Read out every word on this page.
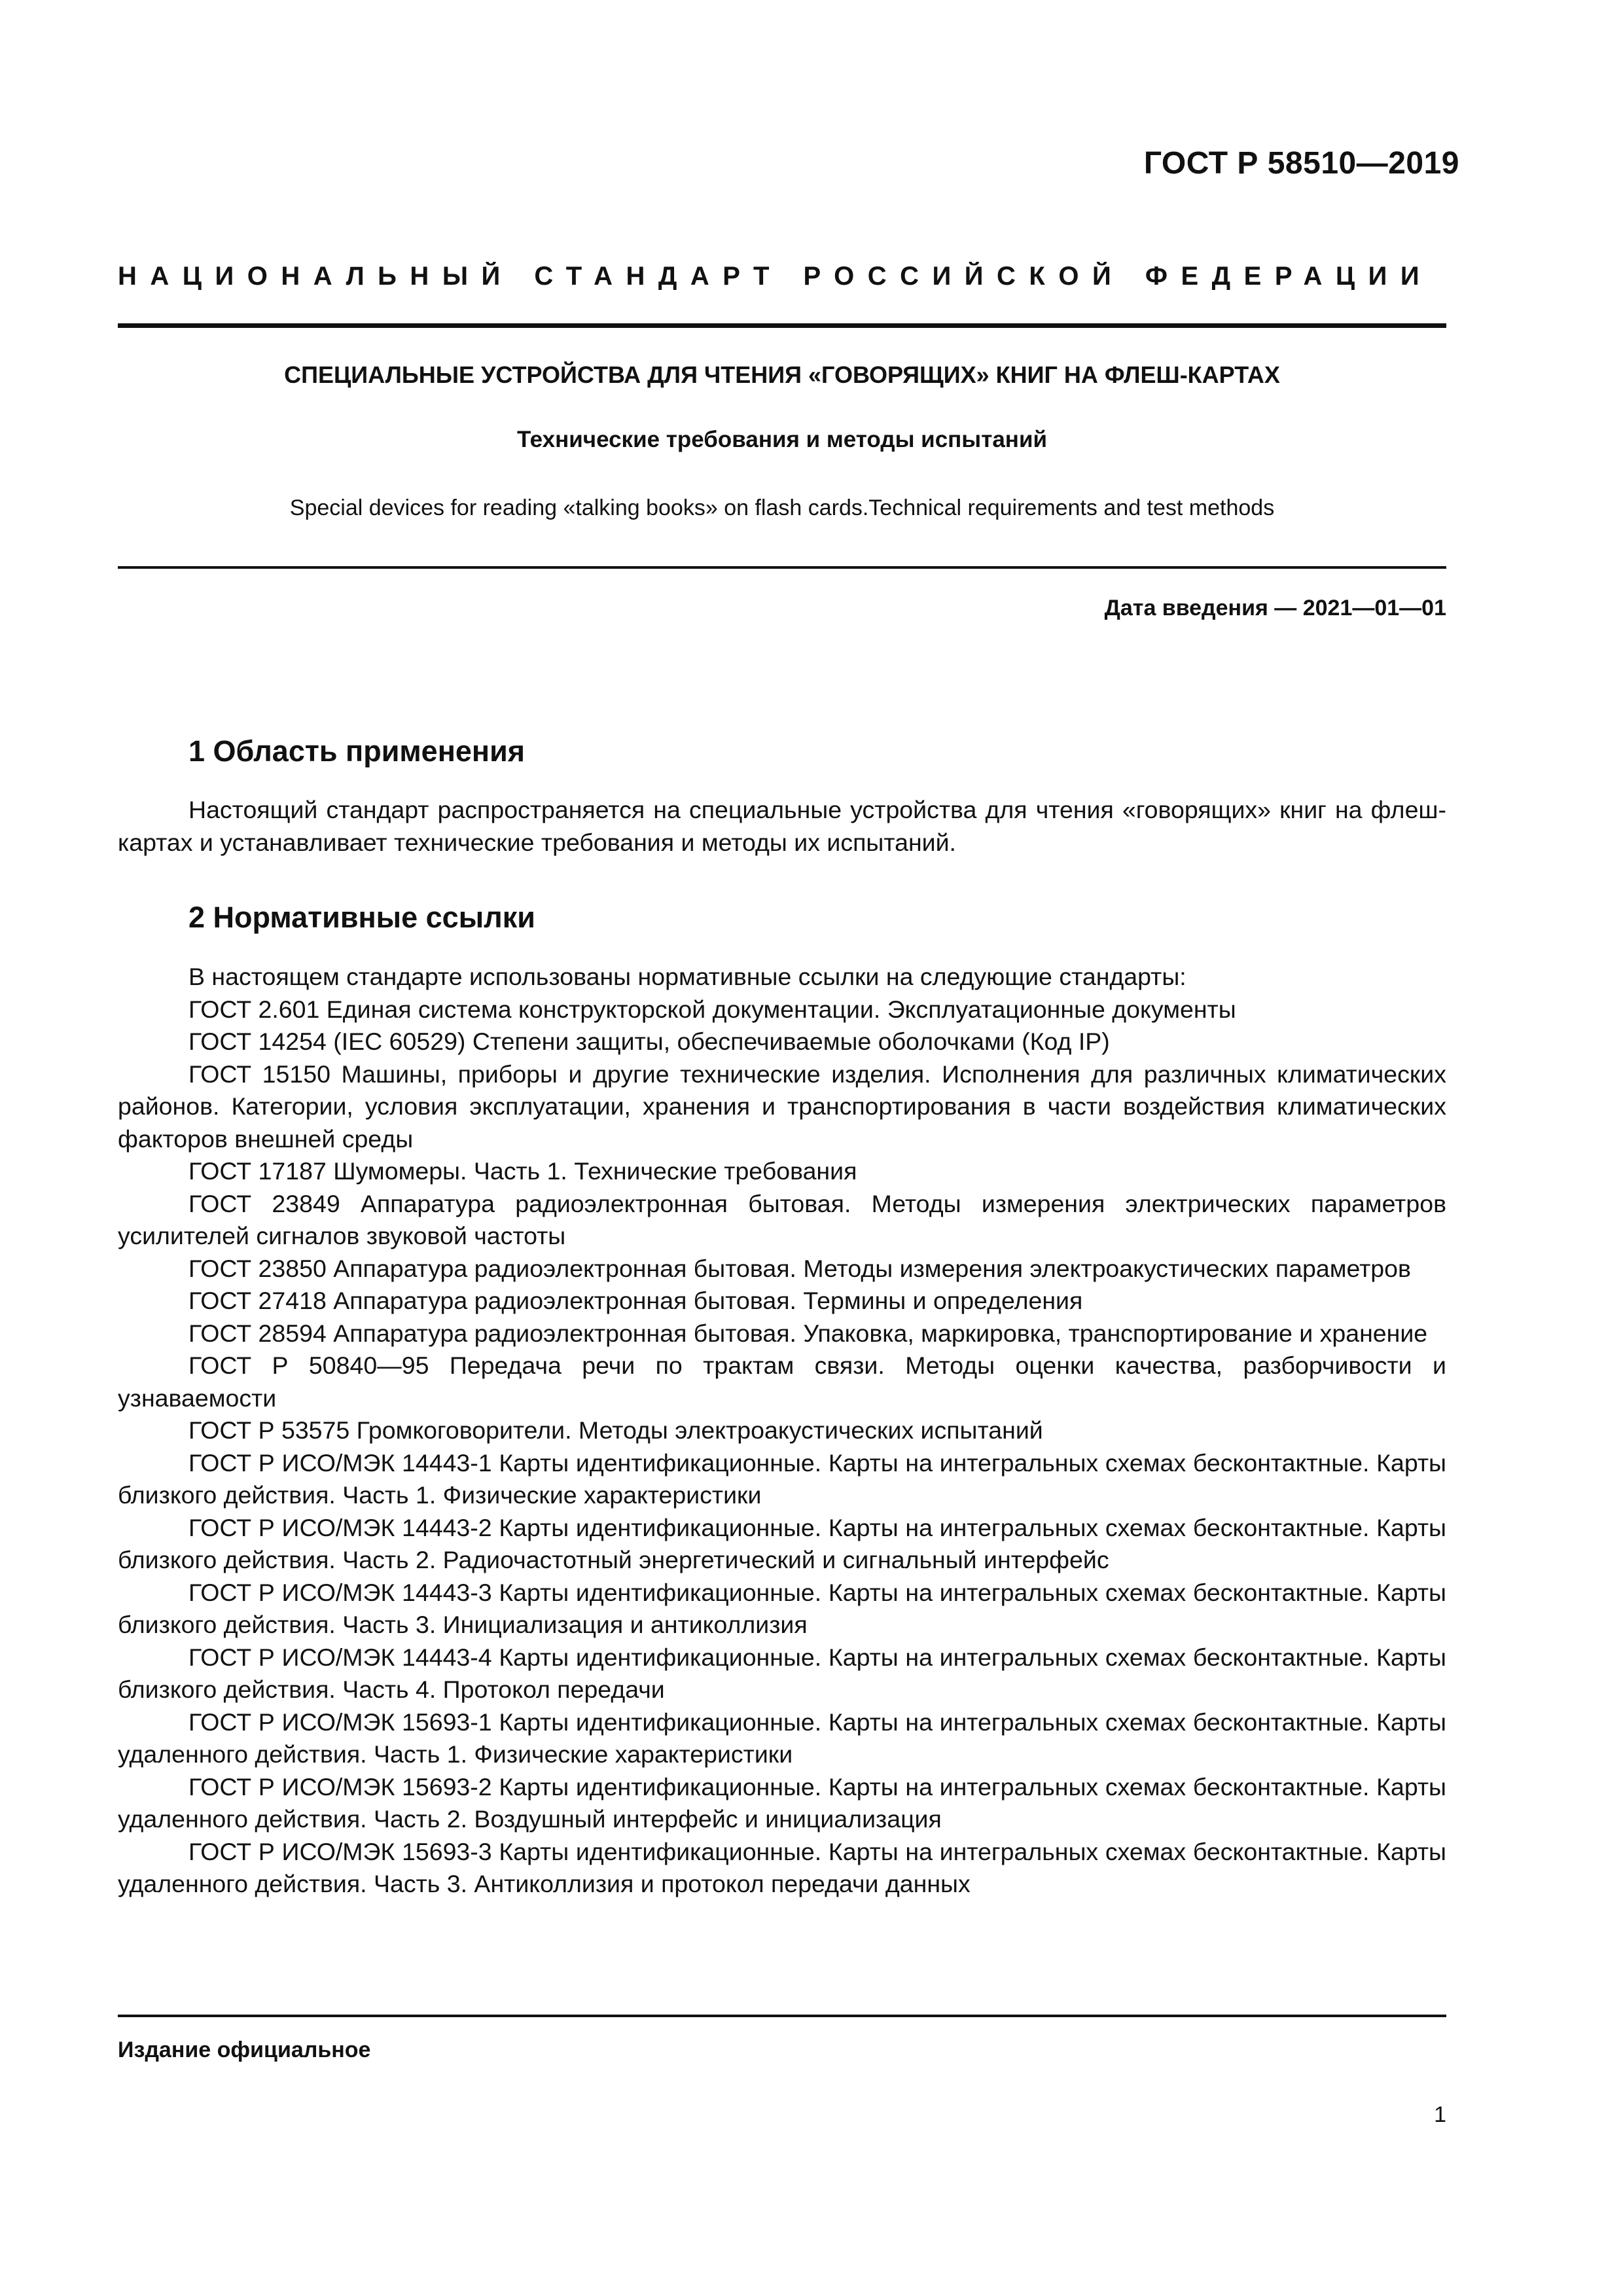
ГОСТ Р 58510—2019
НАЦИОНАЛЬНЫЙ СТАНДАРТ РОССИЙСКОЙ ФЕДЕРАЦИИ
СПЕЦИАЛЬНЫЕ УСТРОЙСТВА ДЛЯ ЧТЕНИЯ «ГОВОРЯЩИХ» КНИГ НА ФЛЕШ-КАРТАХ
Технические требования и методы испытаний
Special devices for reading «talking books» on flash cards.Technical requirements and test methods
Дата введения — 2021—01—01
1 Область применения
Настоящий стандарт распространяется на специальные устройства для чтения «говорящих» книг на флеш-картах и устанавливает технические требования и методы их испытаний.
2 Нормативные ссылки

В настоящем стандарте использованы нормативные ссылки на следующие стандарты:

ГОСТ 2.601 Единая система конструкторской документации. Эксплуатационные документы

ГОСТ 14254 (IEC 60529) Степени защиты, обеспечиваемые оболочками (Код IP)

ГОСТ 15150 Машины, приборы и другие технические изделия. Исполнения для различных климатических районов. Категории, условия эксплуатации, хранения и транспортирования в части воздействия климатических факторов внешней среды

ГОСТ 17187 Шумомеры. Часть 1. Технические требования

ГОСТ 23849 Аппаратура радиоэлектронная бытовая. Методы измерения электрических параметров усилителей сигналов звуковой частоты

ГОСТ 23850 Аппаратура радиоэлектронная бытовая. Методы измерения электроакустических параметров

ГОСТ 27418 Аппаратура радиоэлектронная бытовая. Термины и определения

ГОСТ 28594 Аппаратура радиоэлектронная бытовая. Упаковка, маркировка, транспортирование и хранение

ГОСТ Р 50840—95 Передача речи по трактам связи. Методы оценки качества, разборчивости и узнаваемости

ГОСТ Р 53575 Громкоговорители. Методы электроакустических испытаний

ГОСТ Р ИСО/МЭК 14443-1 Карты идентификационные. Карты на интегральных схемах бесконтактные. Карты близкого действия. Часть 1. Физические характеристики

ГОСТ Р ИСО/МЭК 14443-2 Карты идентификационные. Карты на интегральных схемах бесконтактные. Карты близкого действия. Часть 2. Радиочастотный энергетический и сигнальный интерфейс

ГОСТ Р ИСО/МЭК 14443-3 Карты идентификационные. Карты на интегральных схемах бесконтактные. Карты близкого действия. Часть 3. Инициализация и антиколлизия

ГОСТ Р ИСО/МЭК 14443-4 Карты идентификационные. Карты на интегральных схемах бесконтактные. Карты близкого действия. Часть 4. Протокол передачи

ГОСТ Р ИСО/МЭК 15693-1 Карты идентификационные. Карты на интегральных схемах бесконтактные. Карты удаленного действия. Часть 1. Физические характеристики

ГОСТ Р ИСО/МЭК 15693-2 Карты идентификационные. Карты на интегральных схемах бесконтактные. Карты удаленного действия. Часть 2. Воздушный интерфейс и инициализация

ГОСТ Р ИСО/МЭК 15693-3 Карты идентификационные. Карты на интегральных схемах бесконтактные. Карты удаленного действия. Часть 3. Антиколлизия и протокол передачи данных

Издание официальное
1
